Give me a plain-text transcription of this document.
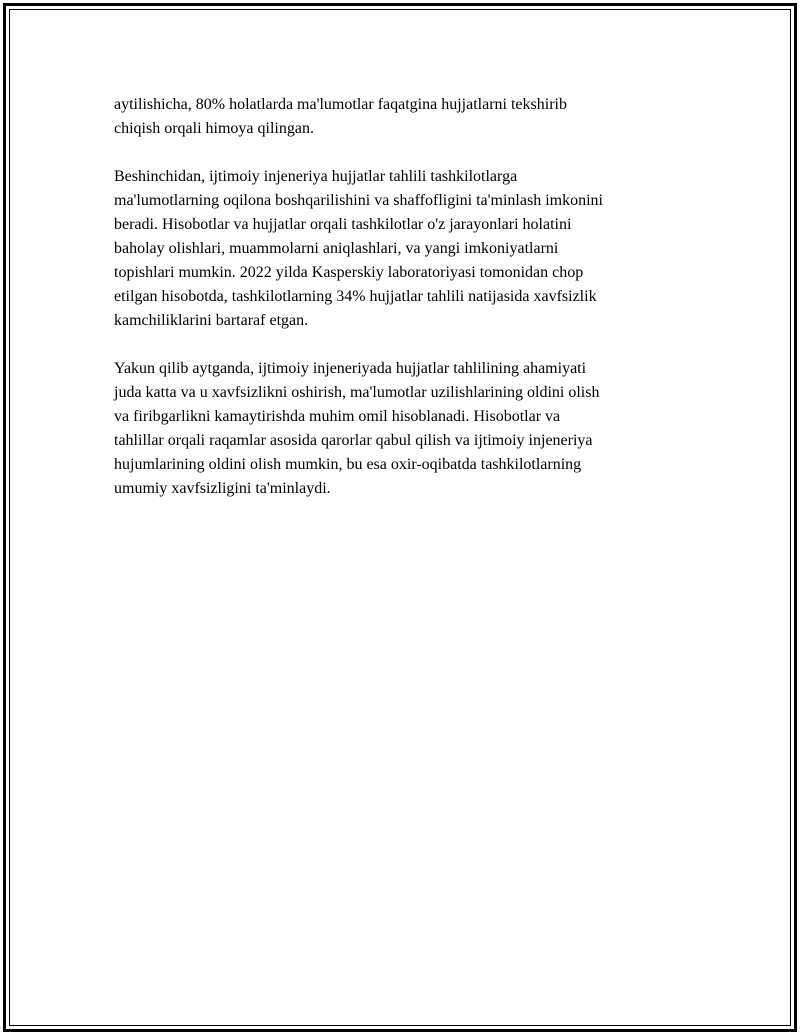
aytilishicha, 80% holatlarda ma'lumotlar faqatgina hujjatlarni tekshirib
chiqish orqali himoya qilingan.

Beshinchidan, ijtimoiy injeneriya hujjatlar tahlili tashkilotlarga
ma'lumotlarning oqilona boshqarilishini va shaffofligini ta'minlash imkonini
beradi. Hisobotlar va hujjatlar orqali tashkilotlar o'z jarayonlari holatini
baholay olishlari, muammolarni aniqlashlari, va yangi imkoniyatlarni
topishlari mumkin. 2022 yilda Kasperskiy laboratoriyasi tomonidan chop
etilgan hisobotda, tashkilotlarning 34% hujjatlar tahlili natijasida xavfsizlik
kamchiliklarini bartaraf etgan.

Yakun qilib aytganda, ijtimoiy injeneriyada hujjatlar tahlilining ahamiyati
juda katta va u xavfsizlikni oshirish, ma'lumotlar uzilishlarining oldini olish
va firibgarlikni kamaytirishda muhim omil hisoblanadi. Hisobotlar va
tahlillar orqali raqamlar asosida qarorlar qabul qilish va ijtimoiy injeneriya
hujumlarining oldini olish mumkin, bu esa oxir-oqibatda tashkilotlarning
umumiy xavfsizligini ta'minlaydi.
